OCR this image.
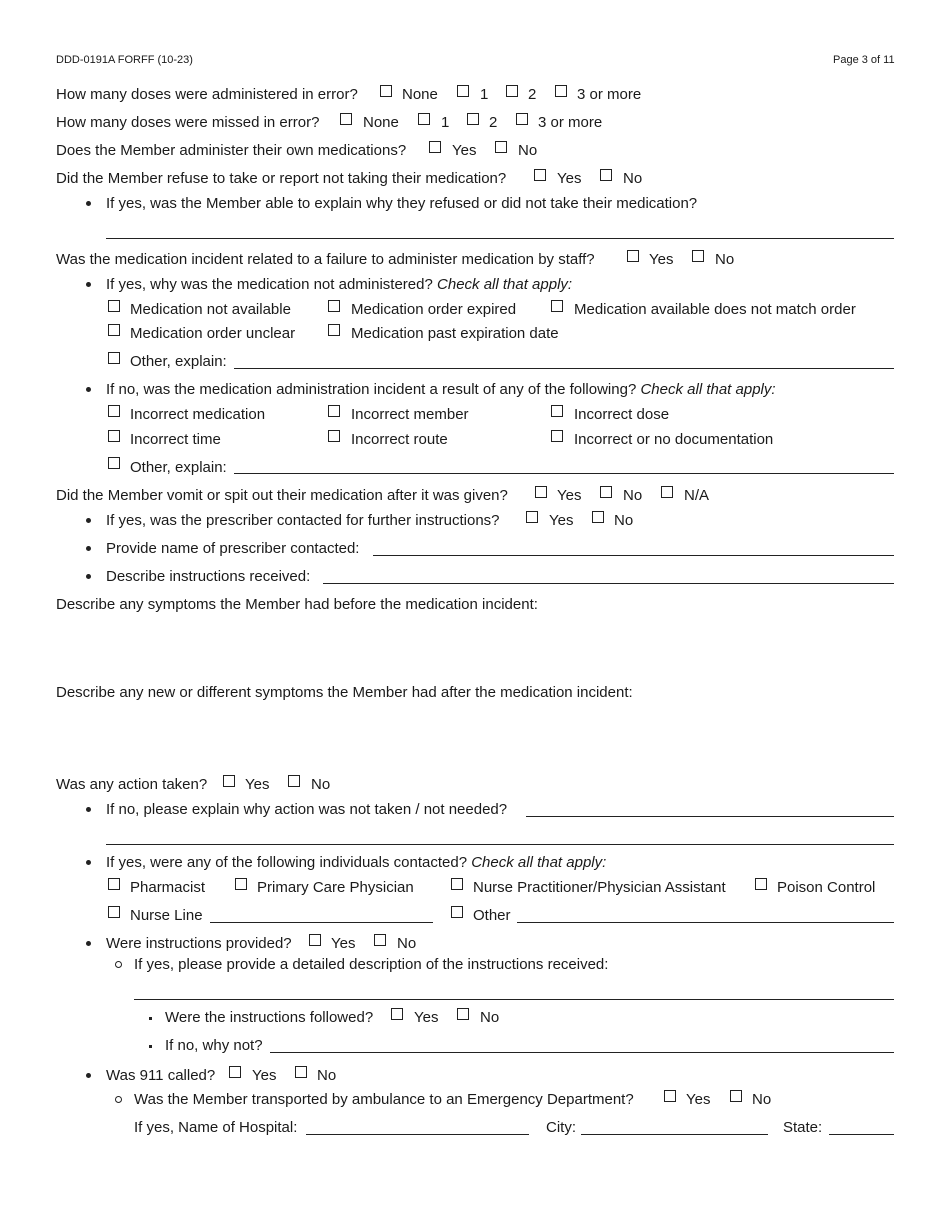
DDD-0191A FORFF (10-23)	Page 3 of 11
How many doses were administered in error?	None	1	2	3 or more
How many doses were missed in error?	None	1	2	3 or more
Does the Member administer their own medications?	Yes	No
Did the Member refuse to take or report not taking their medication?	Yes	No
If yes, was the Member able to explain why they refused or did not take their medication?
Was the medication incident related to a failure to administer medication by staff?	Yes	No
If yes, why was the medication not administered? Check all that apply:
Medication not available	Medication order expired	Medication available does not match order
Medication order unclear	Medication past expiration date
Other, explain:
If no, was the medication administration incident a result of any of the following? Check all that apply:
Incorrect medication	Incorrect member	Incorrect dose
Incorrect time	Incorrect route	Incorrect or no documentation
Other, explain:
Did the Member vomit or spit out their medication after it was given?	Yes	No	N/A
If yes, was the prescriber contacted for further instructions?	Yes	No
Provide name of prescriber contacted:
Describe instructions received:
Describe any symptoms the Member had before the medication incident:
Describe any new or different symptoms the Member had after the medication incident:
Was any action taken?	Yes	No
If no, please explain why action was not taken / not needed?
If yes, were any of the following individuals contacted? Check all that apply:
Pharmacist	Primary Care Physician	Nurse Practitioner/Physician Assistant	Poison Control
Nurse Line	Other
Were instructions provided?	Yes	No
If yes, please provide a detailed description of the instructions received:
Were the instructions followed?	Yes	No
If no, why not?
Was 911 called? Yes	No
Was the Member transported by ambulance to an Emergency Department?	Yes	No
If yes, Name of Hospital:	City:	State:
